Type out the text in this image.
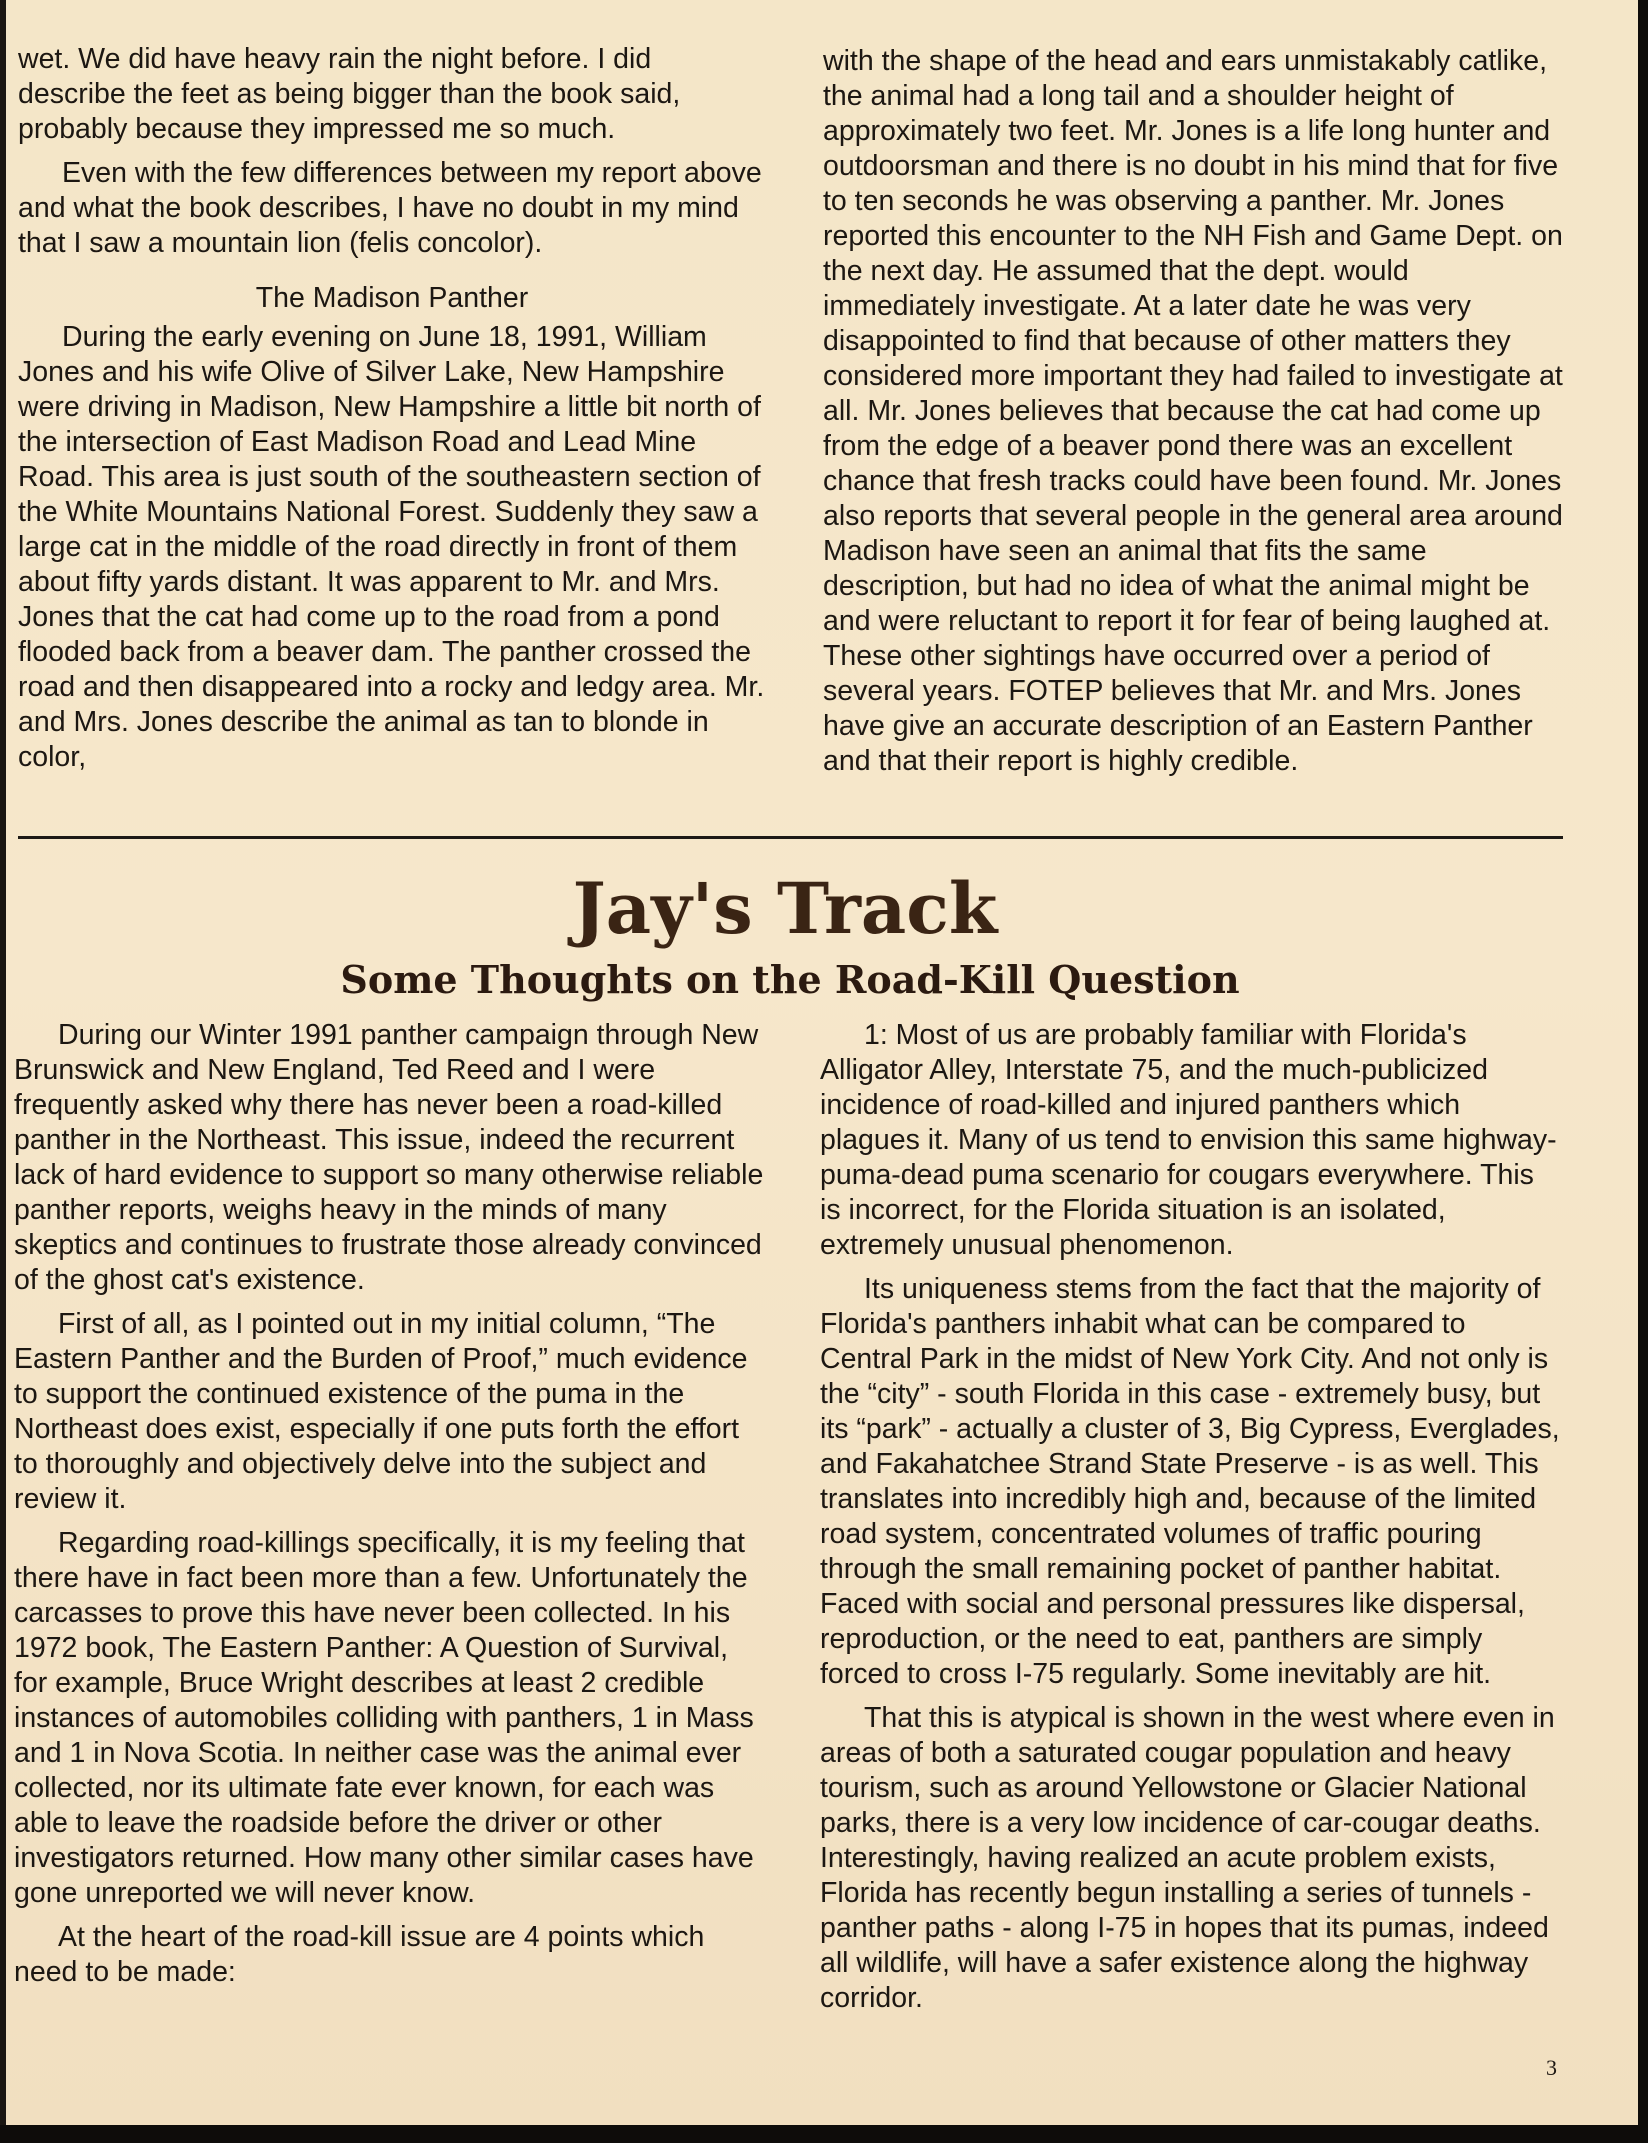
wet. We did have heavy rain the night before. I did describe the feet as being bigger than the book said, probably because they impressed me so much.

Even with the few differences between my report above and what the book describes, I have no doubt in my mind that I saw a mountain lion (felis concolor).

The Madison Panther

During the early evening on June 18, 1991, William Jones and his wife Olive of Silver Lake, New Hampshire were driving in Madison, New Hampshire a little bit north of the intersection of East Madison Road and Lead Mine Road. This area is just south of the southeastern section of the White Mountains National Forest. Suddenly they saw a large cat in the middle of the road directly in front of them about fifty yards distant. It was apparent to Mr. and Mrs. Jones that the cat had come up to the road from a pond flooded back from a beaver dam. The panther crossed the road and then disappeared into a rocky and ledgy area. Mr. and Mrs. Jones describe the animal as tan to blonde in color,

with the shape of the head and ears unmistakably catlike, the animal had a long tail and a shoulder height of approximately two feet. Mr. Jones is a life long hunter and outdoorsman and there is no doubt in his mind that for five to ten seconds he was observing a panther. Mr. Jones reported this encounter to the NH Fish and Game Dept. on the next day. He assumed that the dept. would immediately investigate. At a later date he was very disappointed to find that because of other matters they considered more important they had failed to investigate at all. Mr. Jones believes that because the cat had come up from the edge of a beaver pond there was an excellent chance that fresh tracks could have been found. Mr. Jones also reports that several people in the general area around Madison have seen an animal that fits the same description, but had no idea of what the animal might be and were reluctant to report it for fear of being laughed at. These other sightings have occurred over a period of several years. FOTEP believes that Mr. and Mrs. Jones have give an accurate description of an Eastern Panther and that their report is highly credible.

Jay's Track
Some Thoughts on the Road-Kill Question

During our Winter 1991 panther campaign through New Brunswick and New England, Ted Reed and I were frequently asked why there has never been a road-killed panther in the Northeast. This issue, indeed the recurrent lack of hard evidence to support so many otherwise reliable panther reports, weighs heavy in the minds of many skeptics and continues to frustrate those already convinced of the ghost cat's existence.

First of all, as I pointed out in my initial column, “The Eastern Panther and the Burden of Proof,” much evidence to support the continued existence of the puma in the Northeast does exist, especially if one puts forth the effort to thoroughly and objectively delve into the subject and review it.

Regarding road-killings specifically, it is my feeling that there have in fact been more than a few. Unfortunately the carcasses to prove this have never been collected. In his 1972 book, The Eastern Panther: A Question of Survival, for example, Bruce Wright describes at least 2 credible instances of automobiles colliding with panthers, 1 in Mass and 1 in Nova Scotia. In neither case was the animal ever collected, nor its ultimate fate ever known, for each was able to leave the roadside before the driver or other investigators returned. How many other similar cases have gone unreported we will never know.

At the heart of the road-kill issue are 4 points which need to be made:

1: Most of us are probably familiar with Florida's Alligator Alley, Interstate 75, and the much-publicized incidence of road-killed and injured panthers which plagues it. Many of us tend to envision this same highway-puma-dead puma scenario for cougars everywhere. This is incorrect, for the Florida situation is an isolated, extremely unusual phenomenon.

Its uniqueness stems from the fact that the majority of Florida's panthers inhabit what can be compared to Central Park in the midst of New York City. And not only is the “city” - south Florida in this case - extremely busy, but its “park” - actually a cluster of 3, Big Cypress, Everglades, and Fakahatchee Strand State Preserve - is as well. This translates into incredibly high and, because of the limited road system, concentrated volumes of traffic pouring through the small remaining pocket of panther habitat. Faced with social and personal pressures like dispersal, reproduction, or the need to eat, panthers are simply forced to cross I-75 regularly. Some inevitably are hit.

That this is atypical is shown in the west where even in areas of both a saturated cougar population and heavy tourism, such as around Yellowstone or Glacier National parks, there is a very low incidence of car-cougar deaths. Interestingly, having realized an acute problem exists, Florida has recently begun installing a series of tunnels - panther paths - along I-75 in hopes that its pumas, indeed all wildlife, will have a safer existence along the highway corridor.

3
